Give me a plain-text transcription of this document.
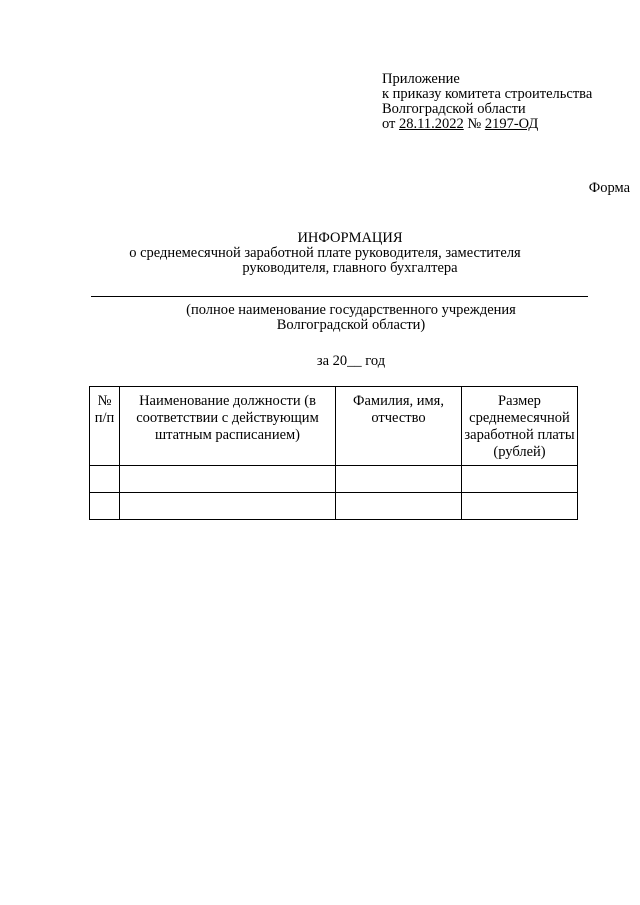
Приложение
к приказу комитета строительства
Волгоградской области
от 28.11.2022 № 2197-ОД
Форма
ИНФОРМАЦИЯ
о среднемесячной заработной плате руководителя, заместителя
руководителя, главного бухгалтера
(полное наименование государственного учреждения
Волгоградской области)
за 20__ год
№ п/п	Наименование должности (в соответствии с действующим штатным расписанием)	Фамилия, имя, отчество	Размер среднемесячной заработной платы (рублей)
